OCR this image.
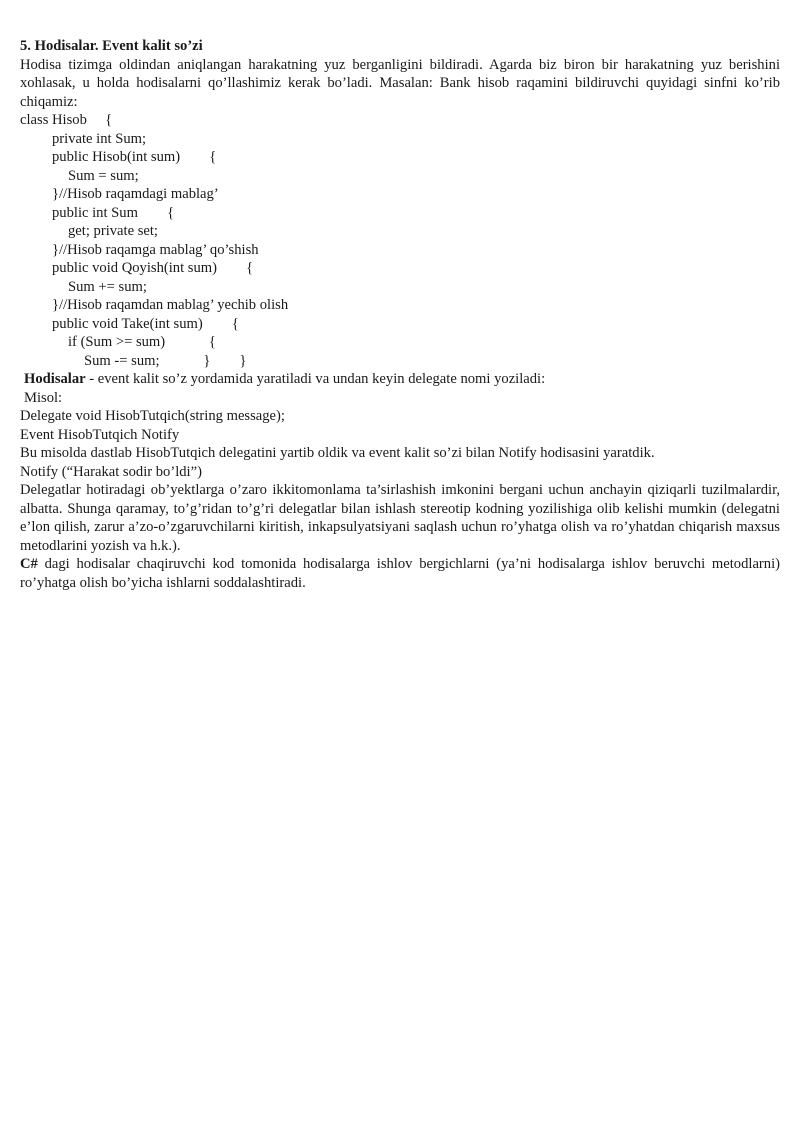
5. Hodisalar. Event kalit so’zi

Hodisa tizimga oldindan aniqlangan harakatning yuz berganligini bildiradi. Agarda biz biron bir harakatning yuz berishini xohlasak, u holda hodisalarni qo’llashimiz kerak bo’ladi. Masalan: Bank hisob raqamini bildiruvchi quyidagi sinfni ko’rib chiqamiz:

class Hisob     {

private int Sum;

public Hisob(int sum)        {

Sum = sum;

}//Hisob raqamdagi mablag’

public int Sum        {

get; private set;

}//Hisob raqamga mablag’ qo’shish

public void Qoyish(int sum)        {

Sum += sum;

}//Hisob raqamdan mablag’ yechib olish

public void Take(int sum)        {

if (Sum >= sum)            {

Sum -= sum;            }        }

Hodisalar - event kalit so’z yordamida yaratiladi va undan keyin delegate nomi yoziladi:

Misol:

Delegate void HisobTutqich(string message);

Event HisobTutqich Notify

Bu misolda dastlab HisobTutqich delegatini yartib oldik va event kalit so’zi bilan Notify hodisasini yaratdik.

Notify (“Harakat sodir bo’ldi”)

Delegatlar hotiradagi ob’yektlarga o’zaro ikkitomonlama ta’sirlashish imkonini bergani uchun anchayin qiziqarli tuzilmalardir, albatta. Shunga qaramay, to’g’ridan to’g’ri delegatlar bilan ishlash stereotip kodning yozilishiga olib kelishi mumkin (delegatni e’lon qilish, zarur a’zo-o’zgaruvchilarni kiritish, inkapsulyatsiyani saqlash uchun ro’yhatga olish va ro’yhatdan chiqarish maxsus metodlarini yozish va h.k.).

C# dagi hodisalar chaqiruvchi kod tomonida hodisalarga ishlov bergichlarni (ya’ni hodisalarga ishlov beruvchi metodlarni) ro’yhatga olish bo’yicha ishlarni soddalashtiradi.
